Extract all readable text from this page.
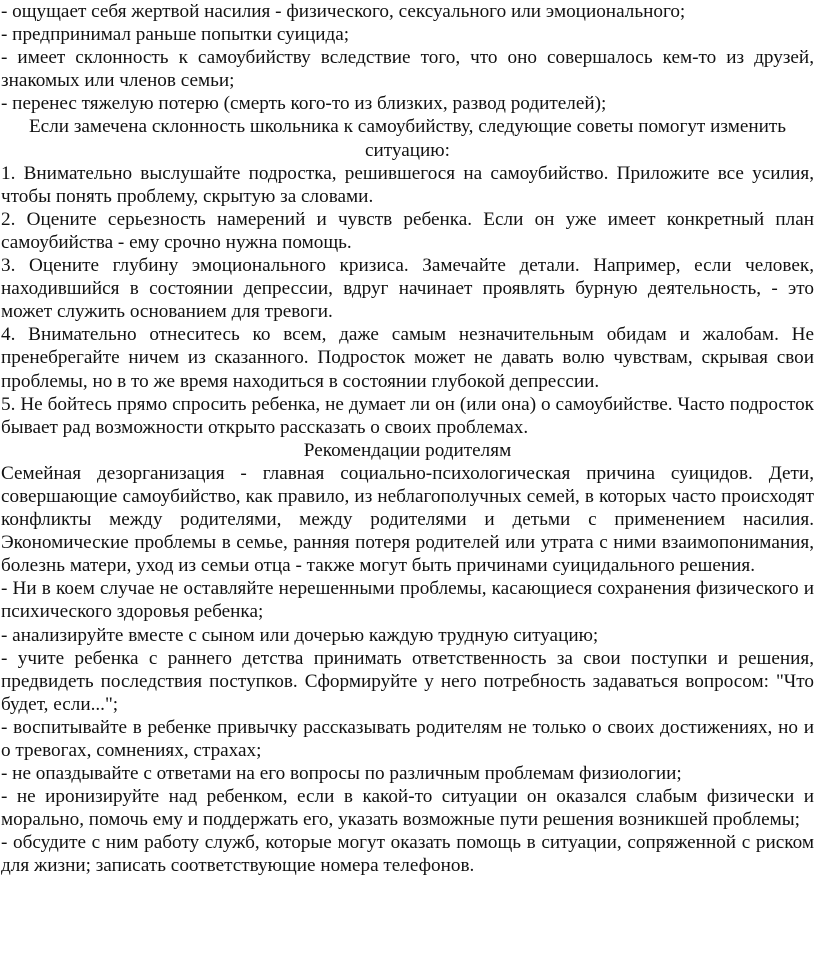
- ощущает себя жертвой насилия - физического, сексуального или эмоционального;

- предпринимал раньше попытки суицида;

- имеет склонность к самоубийству вследствие того, что оно совершалось кем-то из друзей, знакомых или членов семьи;

- перенес тяжелую потерю (смерть кого-то из близких, развод родителей);

Если замечена склонность школьника к самоубийству, следующие советы помогут изменить ситуацию:

1. Внимательно выслушайте подростка, решившегося на самоубийство. Приложите все усилия, чтобы понять проблему, скрытую за словами.

2. Оцените серьезность намерений и чувств ребенка. Если он уже имеет конкретный план самоубийства - ему срочно нужна помощь.

3. Оцените глубину эмоционального кризиса. Замечайте детали. Например, если человек, находившийся в состоянии депрессии, вдруг начинает проявлять бурную деятельность, - это может служить основанием для тревоги.

4. Внимательно отнеситесь ко всем, даже самым незначительным обидам и жалобам. Не пренебрегайте ничем из сказанного. Подросток может не давать волю чувствам, скрывая свои проблемы, но в то же время находиться в состоянии глубокой депрессии.

5. Не бойтесь прямо спросить ребенка, не думает ли он (или она) о самоубийстве. Часто подросток бывает рад возможности открыто рассказать о своих проблемах.

Рекомендации родителям

Семейная дезорганизация - главная социально-психологическая причина суицидов. Дети, совершающие самоубийство, как правило, из неблагополучных семей, в которых часто происходят конфликты между родителями, между родителями и детьми с применением насилия. Экономические проблемы в семье, ранняя потеря родителей или утрата с ними взаимопонимания, болезнь матери, уход из семьи отца - также могут быть причинами суицидального решения.

- Ни в коем случае не оставляйте нерешенными проблемы, касающиеся сохранения физического и психического здоровья ребенка;

- анализируйте вместе с сыном или дочерью каждую трудную ситуацию;

- учите ребенка с раннего детства принимать ответственность за свои поступки и решения, предвидеть последствия поступков. Сформируйте у него потребность задаваться вопросом: "Что будет, если...";

- воспитывайте в ребенке привычку рассказывать родителям не только о своих достижениях, но и о тревогах, сомнениях, страхах;

- не опаздывайте с ответами на его вопросы по различным проблемам физиологии;

- не иронизируйте над ребенком, если в какой-то ситуации он оказался слабым физически и морально, помочь ему и поддержать его, указать возможные пути решения возникшей проблемы;

- обсудите с ним работу служб, которые могут оказать помощь в ситуации, сопряженной с риском для жизни; записать соответствующие номера телефонов.
